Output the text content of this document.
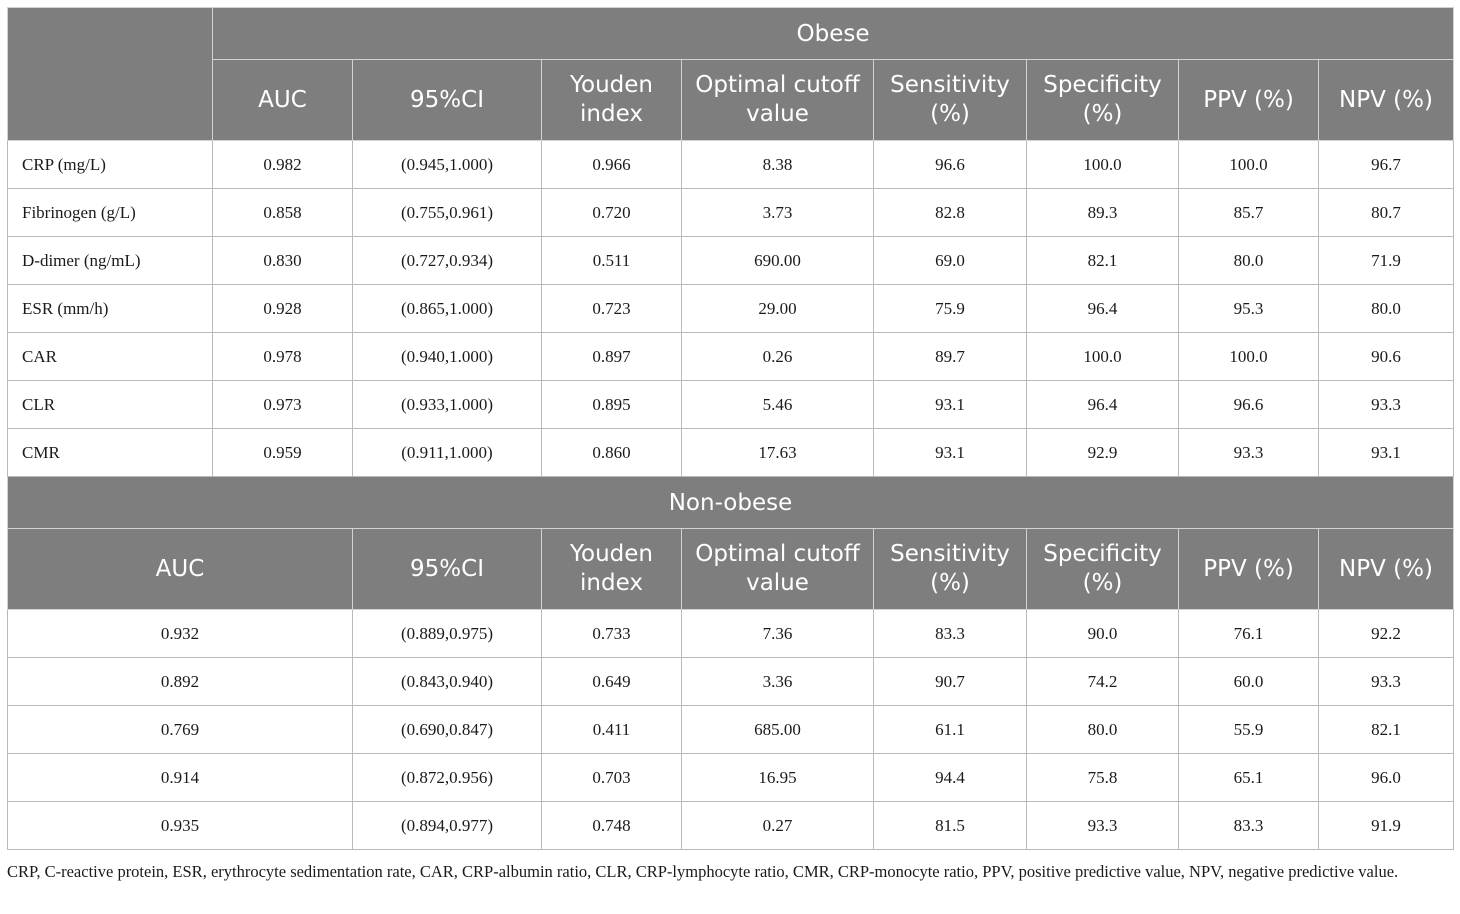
	Obese							
	AUC	95%CI	Youden index	Optimal cutoff value	Sensitivity (%)	Specificity (%)	PPV (%)	NPV (%)
CRP (mg/L)	0.982	(0.945,1.000)	0.966	8.38	96.6	100.0	100.0	96.7
Fibrinogen (g/L)	0.858	(0.755,0.961)	0.720	3.73	82.8	89.3	85.7	80.7
D-dimer (ng/mL)	0.830	(0.727,0.934)	0.511	690.00	69.0	82.1	80.0	71.9
ESR (mm/h)	0.928	(0.865,1.000)	0.723	29.00	75.9	96.4	95.3	80.0
CAR	0.978	(0.940,1.000)	0.897	0.26	89.7	100.0	100.0	90.6
CLR	0.973	(0.933,1.000)	0.895	5.46	93.1	96.4	96.6	93.3
CMR	0.959	(0.911,1.000)	0.860	17.63	93.1	92.9	93.3	93.1
Non-obese								
AUC		95%CI	Youden index	Optimal cutoff value	Sensitivity (%)	Specificity (%)	PPV (%)	NPV (%)
0.932		(0.889,0.975)	0.733	7.36	83.3	90.0	76.1	92.2
0.892		(0.843,0.940)	0.649	3.36	90.7	74.2	60.0	93.3
0.769		(0.690,0.847)	0.411	685.00	61.1	80.0	55.9	82.1
0.914		(0.872,0.956)	0.703	16.95	94.4	75.8	65.1	96.0
0.935		(0.894,0.977)	0.748	0.27	81.5	93.3	83.3	91.9

CRP, C-reactive protein, ESR, erythrocyte sedimentation rate, CAR, CRP-albumin ratio, CLR, CRP-lymphocyte ratio, CMR, CRP-monocyte ratio, PPV, positive predictive value, NPV, negative predictive value.
